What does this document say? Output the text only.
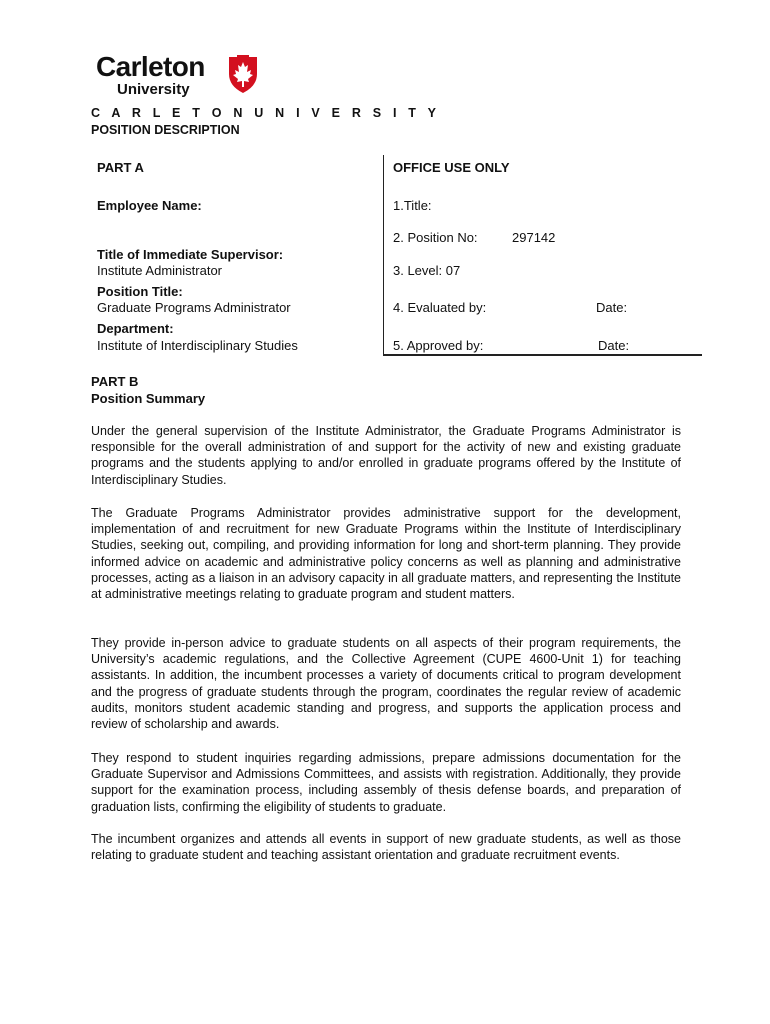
Carleton
University
C A R L E T O N U N I V E R S I T Y
POSITION DESCRIPTION
PART A
Employee Name:
Title of Immediate Supervisor:
Institute Administrator
Position Title:
Graduate Programs Administrator
Department:
Institute of Interdisciplinary Studies
OFFICE USE ONLY
1.Title:
2. Position No:	297142
3. Level: 07
4. Evaluated by:	Date:
5. Approved by:	Date:
PART B
Position Summary
Under the general supervision of the Institute Administrator, the Graduate Programs Administrator is responsible for the overall administration of and support for the activity of new and existing graduate programs and the students applying to and/or enrolled in graduate programs offered by the Institute of Interdisciplinary Studies.
The Graduate Programs Administrator provides administrative support for the development, implementation of and recruitment for new Graduate Programs within the Institute of Interdisciplinary Studies, seeking out, compiling, and providing information for long and short-term planning. They provide informed advice on academic and administrative policy concerns as well as planning and administrative processes, acting as a liaison in an advisory capacity in all graduate matters, and representing the Institute at administrative meetings relating to graduate program and student matters.
They provide in-person advice to graduate students on all aspects of their program requirements, the University’s academic regulations, and the Collective Agreement (CUPE 4600-Unit 1) for teaching assistants. In addition, the incumbent processes a variety of documents critical to program development and the progress of graduate students through the program, coordinates the regular review of academic audits, monitors student academic standing and progress, and supports the application process and review of scholarship and awards.
They respond to student inquiries regarding admissions, prepare admissions documentation for the Graduate Supervisor and Admissions Committees, and assists with registration. Additionally, they provide support for the examination process, including assembly of thesis defense boards, and preparation of graduation lists, confirming the eligibility of students to graduate.
The incumbent organizes and attends all events in support of new graduate students, as well as those relating to graduate student and teaching assistant orientation and graduate recruitment events.
